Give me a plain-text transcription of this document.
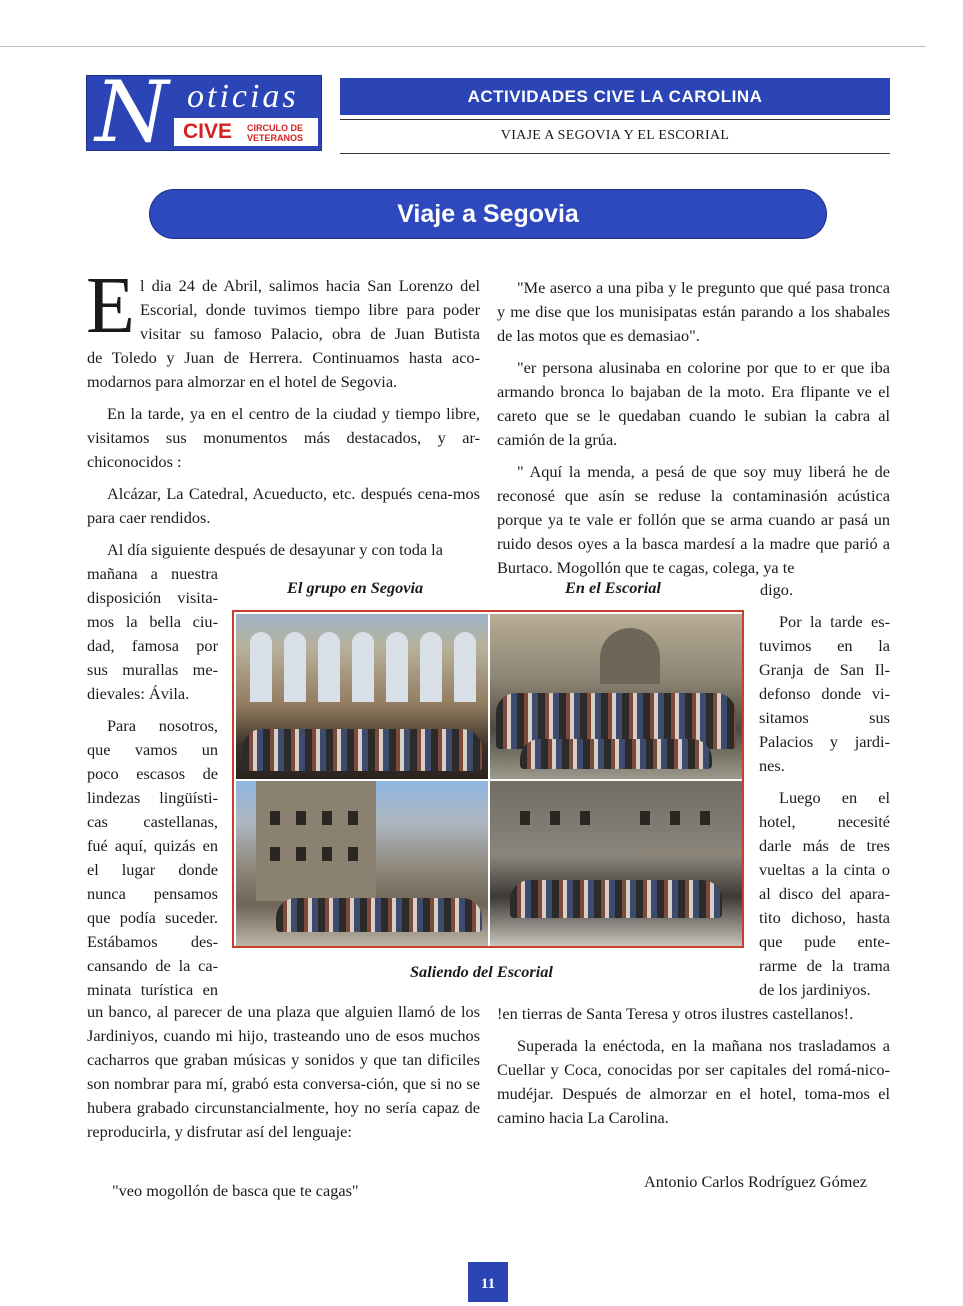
N oticias
CIVE CIRCULO DE VETERANOS
ACTIVIDADES CIVE LA CAROLINA
VIAJE A SEGOVIA Y EL ESCORIAL
Viaje a Segovia
E l dia 24 de Abril, salimos hacia San Lorenzo del
Escorial, donde tuvimos tiempo libre para poder
visitar su famoso Palacio, obra de Juan Butista

de Toledo y Juan de Herrera. Continuamos hasta aco-modarnos para almorzar en el hotel de Segovia.

En la tarde, ya en el centro de la ciudad y tiempo libre, visitamos sus monumentos más destacados, y ar-chiconocidos :

Alcázar, La Catedral, Acueducto, etc. después cena-mos para caer rendidos.

Al día siguiente después de desayunar y con toda la

mañana a nuestra
disposición visita-
mos la bella ciu-
dad, famosa por
sus murallas me-
dievales: Ávila.
Para nosotros,
que vamos un
poco escasos de
lindezas lingüísti-
cas castellanas,
fué aquí, quizás en
el lugar donde
nunca pensamos
que podía suceder.
Estábamos des-
cansando de la ca-
minata turística en

un banco, al parecer de una plaza que alguien llamó de los Jardiniyos, cuando mi hijo, trasteando uno de esos muchos cacharros que graban músicas y sonidos y que tan dificiles son nombrar para mí, grabó esta conversa-ción, que si no se hubera grabado circunstancialmente, hoy no sería capaz de reproducirla, y disfrutar así del lenguaje:

"veo mogollón de basca que te cagas"

"Me aserco a una piba y le pregunto que qué pasa tronca y me dise que los munisipatas están parando a los shabales de las motos que es demasiao".

"er persona alusinaba en colorine por que to er que iba armando bronca lo bajaban de la moto. Era flipante ve el careto que se le quedaban cuando le subian la cabra al camión de la grúa.

" Aquí la menda, a pesá de que soy muy liberá he de reconosé que asín se reduse la contaminasión acústica porque ya te vale er follón que se arma cuando ar pasá un ruido desos oyes a la basca mardesí a la madre que parió a Burtaco. Mogollón que te cagas, colega, ya te

digo.
Por la tarde es-
tuvimos en la
Granja de San Il-
defonso donde vi-
sitamos sus
Palacios y jardi-
nes.
Luego en el
hotel, necesité
darle más de tres
vueltas a la cinta o
al disco del apara-
tito dichoso, hasta
que pude ente-
rarme de la trama
de los jardiniyos.
!en tierras de Santa Teresa y otros ilustres castellanos!.

Superada la enéctoda, en la mañana nos trasladamos a Cuellar y Coca, conocidas por ser capitales del romá-nico-mudéjar. Después de almorzar en el hotel, toma-mos el camino hacia La Carolina.

Antonio Carlos Rodríguez Gómez
El grupo en Segovia	En el Escorial
Saliendo del Escorial
11
